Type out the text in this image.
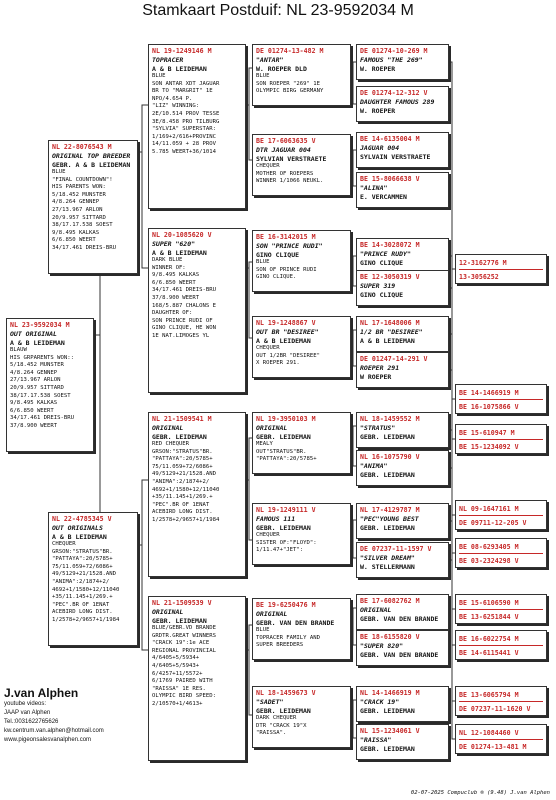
Stamkaart Postduif: NL 23-9592034 M
NL 23-9592034 M
OUT ORIGINAL
A & B LEIDEMAN
BLAUW
HIS GRPARENTS WON::
5/18.452 MUNSTER
4/8.264 GENNEP
27/13.967 ARLON
20/9.957 SITTARD
38/17.17.538 SOEST
9/8.495 KALKAS
6/6.850 WEERT
34/17.461 DREIS-BRU
37/8.900 WEERT
NL 22-8076543 M
ORIGINAL TOP BREEDER
GEBR. A & B LEIDEMAN
BLUE
"FINAL COUNTDOWN"!
HIS PARENTS WON:
5/18.452 MUNSTER
4/8.264 GENNEP
27/13.967 ARLON
20/9.957 SITTARD
38/17.17.538 SOEST
9/8.495 KALKAS
6/6.850 WEERT
34/17.461 DREIS-BRU
NL 22-4785345 V
OUT ORIGINALS
A & B LEIDEMAN
CHEQUER
GRSON:"STRATUS"BR.
"PATTAYA":20/5785+
75/11.059+72/6086+
49/5129+21/1528.AND
"ANIMA":2/1874+2/
4692+1/1580+12/11040
+35/11.145+1/269.+
"PEC".BR OF 1ENAT
ACEBIRD LONG DIST.
1/2578+2/9657+1/1984
NL 19-1249146 M
TOPRACER
A & B LEIDEMAN
BLUE
SON ANTAR XDT JAGUAR
BR TO "MARGRIT" 1E
NPO/4.654 P.
"LIZ" WINNING:
2E/10.514 PROV TESSE
3E/8.458 PRO TILBURG
"SYLVIA" SUPERSTAR:
1/169+2/616+PROVINC
14/11.059 + 28 PROV
5.785 WEERT+36/1014
NL 20-1085620 V
SUPER "620"
A & B LEIDEMAN
DARK BLUE
WINNER OF:
9/8.495 KALKAS
6/6.850 WEERT
34/17.461 DREIS-BRU
37/8.900 WEERT
168/5.887 CHALONS E
DAUGHTER OF:
SON PRINCE RUDI OF
GINO CLIQUE, HE WON
1E NAT.LIMOGES YL
NL 21-1509541 M
ORIGINAL
GEBR. LEIDEMAN
RED CHEQUER
GRSON:"STRATUS"BR.
"PATTAYA":20/5785+
75/11.059+72/6086+
49/5129+21/1528.AND
"ANIMA":2/1874+2/
4692+1/1580+12/11040
+35/11.145+1/269.+
"PEC".BR OF 1ENAT
ACEBIRD LONG DIST.
1/2578+2/9657+1/1984
NL 21-1509539 V
ORIGINAL
GEBR. LEIDEMAN
BLUE/GEBR.VD BRANDE
GRDTR.GREAT WINNERS
"CRACK 19":1e ACE
REGIONAL PROVINCIAL
4/6405+5/5934+
4/6405+5/5943+
6/4257+11/5572+
6/1769 PAIRED WITH
"RAISSA" 1E RES.
OLYMPIC BIRD SPEED:
2/10570+1/4613+
DE 01274-13-482 M
"ANTAR"
W. ROEPER DLD
BLUE
SON ROEPER "269" 1E
OLYMPIC BIRG GERMANY
BE 17-6063635 V
DTR JAGUAR 004
SYLVIAN VERSTRAETE
CHEQUER
MOTHER OF ROEPERS
WINNER 1/1066 NEUKL.
BE 16-3142015 M
SON "PRINCE RUDI"
GINO CLIQUE
BLUE
SON OF PRINCE RUDI
GINO CLIQUE.
NL 19-1248867 V
OUT BR "DESIREE"
A & B LEIDEMAN
CHEQUER
OUT 1/2BR "DESIREE"
X ROEPER 291.
NL 19-3950103 M
ORIGINAL
GEBR. LEIDEMAN
MEALY
OUT"STRATUS"BR.
"PATTAYA":20/5785+
NL 19-1249111 V
FAMOUS 111
GEBR. LEIDEMAN
CHEQUER
SISTER OF:"FLOYD":
1/11.47+"JET":
BE 19-6250476 M
ORIGINAL
GEBR. VAN DEN BRANDE
BLUE
TOPRACER FAMILY AND
SUPER BREEDERS
NL 18-1459673 V
"SADET"
GEBR. LEIDEMAN
DARK CHEQUER
DTR "CRACK 19"X
"RAISSA".
DE 01274-10-269 M
FAMOUS "THE 269"
W. ROEPER
DE 01274-12-312 V
DAUGHTER FAMOUS 289
W. ROEPER
BE 14-6135004 M
JAGUAR 004
SYLVAIN VERSTRAETE
BE 15-8066638 V
"ALINA"
E. VERCAMMEN
BE 14-3028072 M
"PRINCE RUDY"
GINO CLIQUE
BE 12-3050319 V
SUPER 319
GINO CLIQUE
NL 17-1648006 M
1/2 BR "DESIREE"
A & B LEIDEMAN
DE 01247-14-291 V
ROEPER 291
W ROEPER
NL 18-1459552 M
"STRATUS"
GEBR. LEIDEMAN
NL 16-1075790 V
"ANIMA"
GEBR. LEIDEMAN
NL 17-4129787 M
"PEC"YOUNG BEST
GEBR. LEIDEMAN
DE 07237-11-1597 V
"SILVER DREAM"
W. STELLERMANN
BE 17-6082762 M
ORIGINAL
GEBR. VAN DEN BRANDE
BE 18-6155820 V
"SUPER 820"
GEBR. VAN DEN BRANDE
NL 14-1466919 M
"CRACK 19"
GEBR. LEIDEMAN
NL 15-1234061 V
"RAISSA"
GEBR. LEIDEMAN
12-3162776 M
13-3056252
BE 14-1466919 M
BE 16-1075866 V
BE 15-610947 M
BE 15-1234092 V
NL 09-1647161 M
DE 09711-12-205 V
BE 08-6293405 M
BE 03-2324298 V
BE 15-6106590 M
BE 13-6251844 V
BE 16-6022754 M
BE 14-6115441 V
BE 13-6065794 M
DE 07237-11-1620 V
NL 12-1084460 V
DE 01274-13-481 M
J.van Alphen
youtube videos:
JAAP van Alphen
Tel.:0031622765626
kw.centrum.van.alphen@hotmail.com
www.pigeonsalesvanalphen.com
02-07-2025 Compuclub ® (9.48) J.van Alphen
